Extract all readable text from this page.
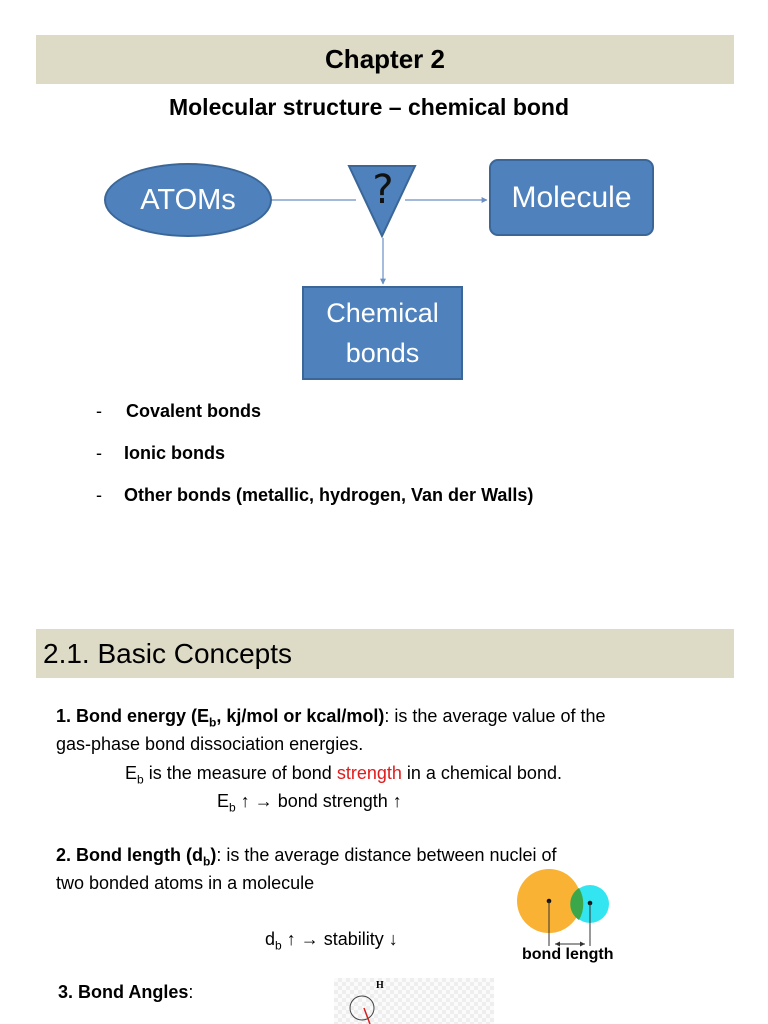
Chapter 2
Molecular structure – chemical bond
ATOMs	?	Molecule
Chemical
bonds
- Covalent bonds
- Ionic bonds
- Other bonds (metallic, hydrogen, Van der Walls)
2.1. Basic Concepts
1. Bond energy ($E_b$, kj/mol or kcal/mol): is the average value of the
gas-phase bond dissociation energies.
$E_b$ is the measure of bond strength in a chemical bond.
$E_b$ ↑ → bond strength ↑
2. Bond length $(d_b)$: is the average distance between nuclei of
two bonded atoms in a molecule
$d_b$ ↑ → stability ↓
bond length
3. Bond Angles:	H
